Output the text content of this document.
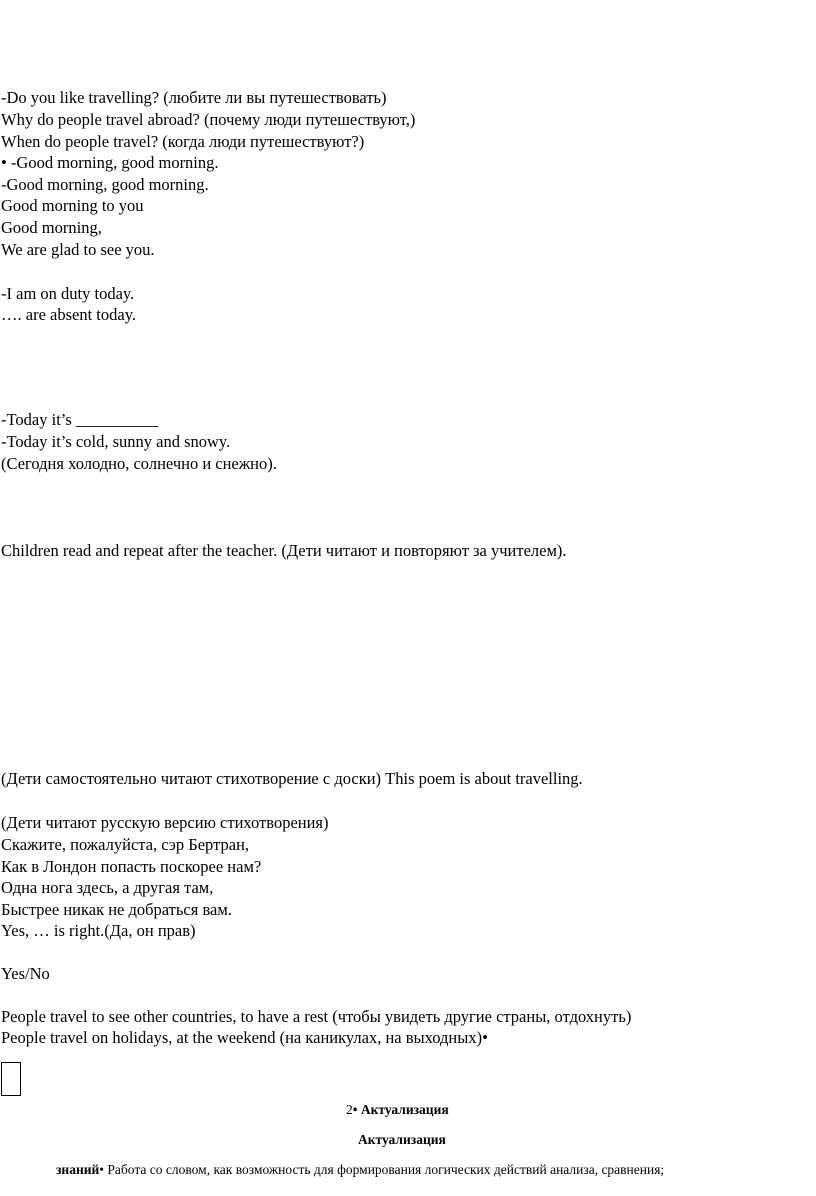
-Do you like travelling? (любите ли вы путешествовать)
Why do people travel abroad? (почему люди путешествуют,)
When do people travel? (когда люди путешествуют?)
• -Good morning, good morning.
-Good morning, good morning.
Good morning to you
Good morning,
We are glad to see you.
-I am on duty today.
…. are absent today.
-Today it’s __________
-Today it’s cold, sunny and snowy.
(Сегодня холодно, солнечно и снежно).
Children read and repeat after the teacher. (Дети читают и повторяют за учителем).
(Дети самостоятельно читают стихотворение с доски) This poem is about travelling.
(Дети читают русскую версию стихотворения)
Скажите, пожалуйста, сэр Бертран,
Как в Лондон попасть поскорее нам?
Одна нога здесь, а другая там,
Быстрее никак не добраться вам.
Yes, … is right.(Да, он прав)
Yes/No
People travel to see other countries, to have a rest (чтобы увидеть другие страны, отдохнуть)
People travel on holidays, at the weekend (на каникулах, на выходных)•
2• Актуализация
Актуализация
знаний• Работа со словом, как возможность для формирования логических действий анализа, сравнения;
